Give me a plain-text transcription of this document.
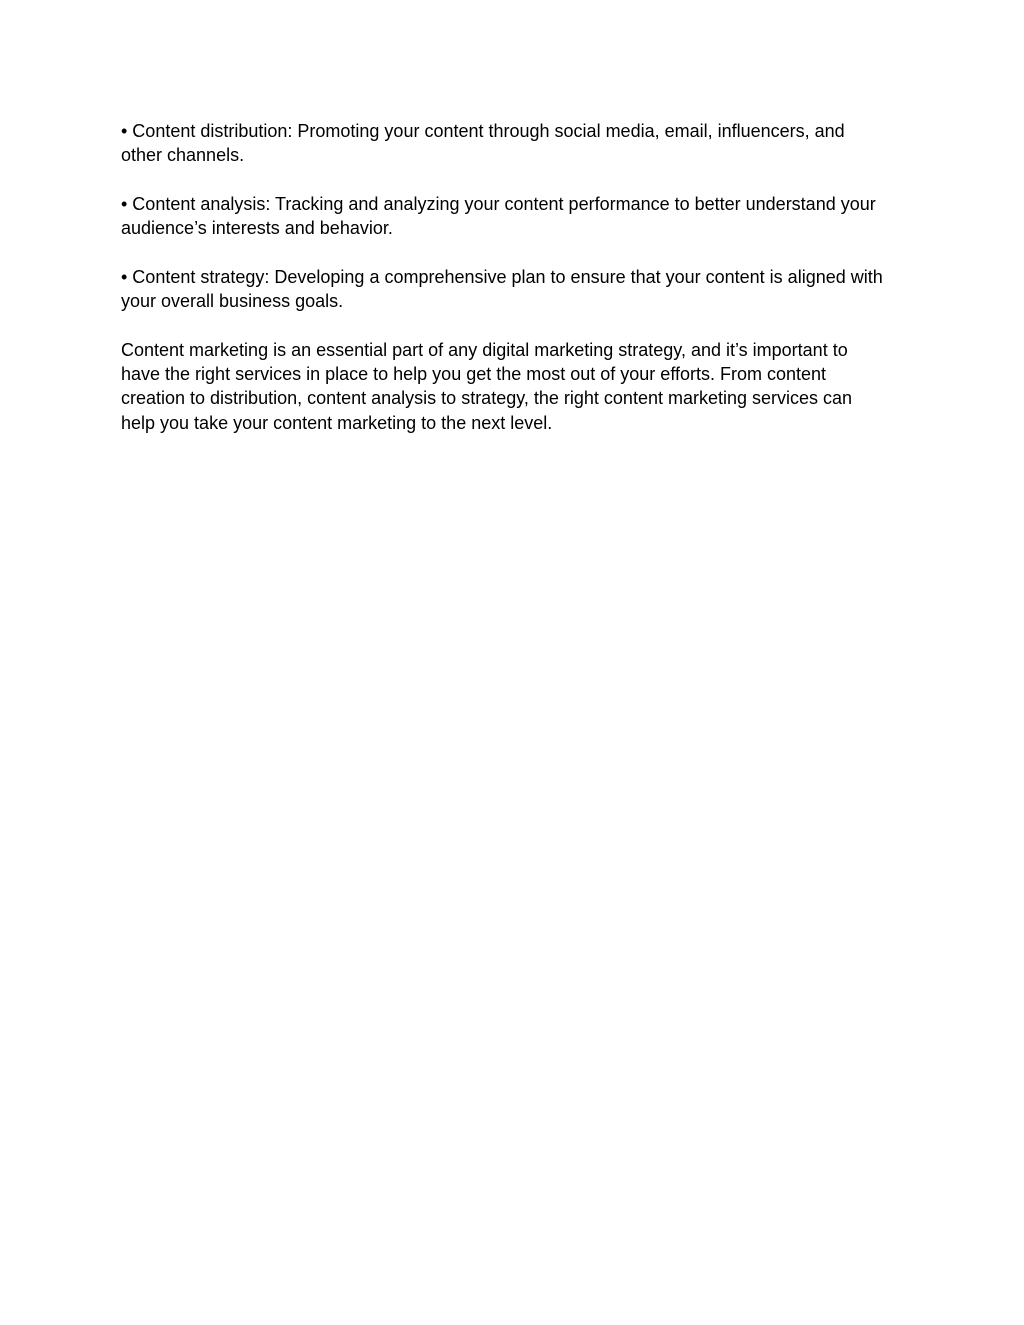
• Content distribution: Promoting your content through social media, email, influencers, and
other channels.

• Content analysis: Tracking and analyzing your content performance to better understand your
audience’s interests and behavior.

• Content strategy: Developing a comprehensive plan to ensure that your content is aligned with
your overall business goals.

Content marketing is an essential part of any digital marketing strategy, and it’s important to
have the right services in place to help you get the most out of your efforts. From content
creation to distribution, content analysis to strategy, the right content marketing services can
help you take your content marketing to the next level.
